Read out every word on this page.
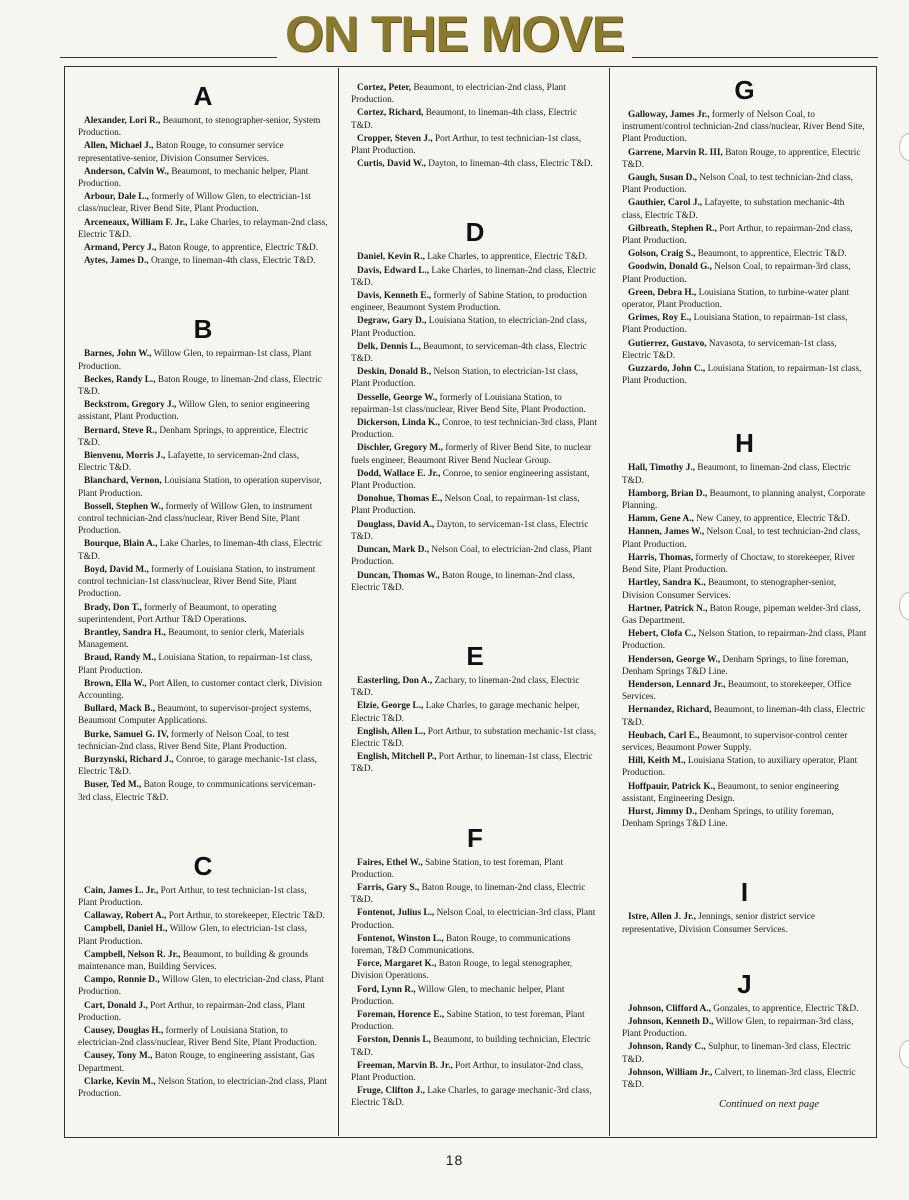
ON THE MOVE
A
Alexander, Lori R., Beaumont, to stenographer-senior, System Production.
Allen, Michael J., Baton Rouge, to consumer service representative-senior, Division Consumer Services.
Anderson, Calvin W., Beaumont, to mechanic helper, Plant Production.
Arbour, Dale L., formerly of Willow Glen, to electrician-1st class/nuclear, River Bend Site, Plant Production.
Arceneaux, William F. Jr., Lake Charles, to relayman-2nd class, Electric T&D.
Armand, Percy J., Baton Rouge, to apprentice, Electric T&D.
Aytes, James D., Orange, to lineman-4th class, Electric T&D.
B
Barnes, John W., Willow Glen, to repairman-1st class, Plant Production.
Beckes, Randy L., Baton Rouge, to lineman-2nd class, Electric T&D.
Beckstrom, Gregory J., Willow Glen, to senior engineering assistant, Plant Production.
Bernard, Steve R., Denham Springs, to apprentice, Electric T&D.
Bienvenu, Morris J., Lafayette, to serviceman-2nd class, Electric T&D.
Blanchard, Vernon, Louisiana Station, to operation supervisor, Plant Production.
Bossell, Stephen W., formerly of Willow Glen, to instrument control technician-2nd class/nuclear, River Bend Site, Plant Production.
Bourque, Blain A., Lake Charles, to lineman-4th class, Electric T&D.
Boyd, David M., formerly of Louisiana Station, to instrument control technician-1st class/nuclear, River Bend Site, Plant Production.
Brady, Don T., formerly of Beaumont, to operating superintendent, Port Arthur T&D Operations.
Brantley, Sandra H., Beaumont, to senior clerk, Materials Management.
Braud, Randy M., Louisiana Station, to repairman-1st class, Plant Production.
Brown, Ella W., Port Allen, to customer contact clerk, Division Accounting.
Bullard, Mack B., Beaumont, to supervisor-project systems, Beaumont Computer Applications.
Burke, Samuel G. IV, formerly of Nelson Coal, to test technician-2nd class, River Bend Site, Plant Production.
Burzynski, Richard J., Conroe, to garage mechanic-1st class, Electric T&D.
Buser, Ted M., Baton Rouge, to communications serviceman-3rd class, Electric T&D.
C
Cain, James L. Jr., Port Arthur, to test technician-1st class, Plant Production.
Callaway, Robert A., Port Arthur, to storekeeper, Electric T&D.
Campbell, Daniel H., Willow Glen, to electrician-1st class, Plant Production.
Campbell, Nelson R. Jr., Beaumont, to building & grounds maintenance man, Building Services.
Campo, Ronnie D., Willow Glen, to electrician-2nd class, Plant Production.
Cart, Donald J., Port Arthur, to repairman-2nd class, Plant Production.
Causey, Douglas H., formerly of Louisiana Station, to electrician-2nd class/nuclear, River Bend Site, Plant Production.
Causey, Tony M., Baton Rouge, to engineering assistant, Gas Department.
Clarke, Kevin M., Nelson Station, to electrician-2nd class, Plant Production.
Cortez, Peter, Beaumont, to electrician-2nd class, Plant Production.
Cortez, Richard, Beaumont, to lineman-4th class, Electric T&D.
Cropper, Steven J., Port Arthur, to test technician-1st class, Plant Production.
Curtis, David W., Dayton, to lineman-4th class, Electric T&D.
D
Daniel, Kevin R., Lake Charles, to apprentice, Electric T&D.
Davis, Edward L., Lake Charles, to lineman-2nd class, Electric T&D.
Davis, Kenneth E., formerly of Sabine Station, to production engineer, Beaumont System Production.
Degraw, Gary D., Louisiana Station, to electrician-2nd class, Plant Production.
Delk, Dennis L., Beaumont, to serviceman-4th class, Electric T&D.
Deskin, Donald B., Nelson Station, to electrician-1st class, Plant Production.
Desselle, George W., formerly of Louisiana Station, to repairman-1st class/nuclear, River Bend Site, Plant Production.
Dickerson, Linda K., Conroe, to test technician-3rd class, Plant Production.
Dischler, Gregory M., formerly of River Bend Site, to nuclear fuels engineer, Beaumont River Bend Nuclear Group.
Dodd, Wallace E. Jr., Conroe, to senior engineering assistant, Plant Production.
Donohue, Thomas E., Nelson Coal, to repairman-1st class, Plant Production.
Douglass, David A., Dayton, to serviceman-1st class, Electric T&D.
Duncan, Mark D., Nelson Coal, to electrician-2nd class, Plant Production.
Duncan, Thomas W., Baton Rouge, to lineman-2nd class, Electric T&D.
E
Easterling, Don A., Zachary, to lineman-2nd class, Electric T&D.
Elzie, George L., Lake Charles, to garage mechanic helper, Electric T&D.
English, Allen L., Port Arthur, to substation mechanic-1st class, Electric T&D.
English, Mitchell P., Port Arthur, to lineman-1st class, Electric T&D.
F
Faires, Ethel W., Sabine Station, to test foreman, Plant Production.
Farris, Gary S., Baton Rouge, to lineman-2nd class, Electric T&D.
Fontenot, Julius L., Nelson Coal, to electrician-3rd class, Plant Production.
Fontenot, Winston L., Baton Rouge, to communications foreman, T&D Communications.
Force, Margaret K., Baton Rouge, to legal stenographer, Division Operations.
Ford, Lynn R., Willow Glen, to mechanic helper, Plant Production.
Foreman, Horence E., Sabine Station, to test foreman, Plant Production.
Forston, Dennis L, Beaumont, to building technician, Electric T&D.
Freeman, Marvin B. Jr., Port Arthur, to insulator-2nd class, Plant Production.
Fruge, Clifton J., Lake Charles, to garage mechanic-3rd class, Electric T&D.
G
Galloway, James Jr., formerly of Nelson Coal, to instrument/control technician-2nd class/nuclear, River Bend Site, Plant Production.
Garrene, Marvin R. III, Baton Rouge, to apprentice, Electric T&D.
Gaugh, Susan D., Nelson Coal, to test technician-2nd class, Plant Production.
Gauthier, Carol J., Lafayette, to substation mechanic-4th class, Electric T&D.
Gilbreath, Stephen R., Port Arthur, to repairman-2nd class, Plant Production.
Golson, Craig S., Beaumont, to apprentice, Electric T&D.
Goodwin, Donald G., Nelson Coal, to repairman-3rd class, Plant Production.
Green, Debra H., Louisiana Station, to turbine-water plant operator, Plant Production.
Grimes, Roy E., Louisiana Station, to repairman-1st class, Plant Production.
Gutierrez, Gustavo, Navasota, to serviceman-1st class, Electric T&D.
Guzzardo, John C., Louisiana Station, to repairman-1st class, Plant Production.
H
Hall, Timothy J., Beaumont, to lineman-2nd class, Electric T&D.
Hamborg, Brian D., Beaumont, to planning analyst, Corporate Planning.
Hamm, Gene A., New Caney, to apprentice, Electric T&D.
Hannen, James W., Nelson Coal, to test technician-2nd class, Plant Production.
Harris, Thomas, formerly of Choctaw, to storekeeper, River Bend Site, Plant Production.
Hartley, Sandra K., Beaumont, to stenographer-senior, Division Consumer Services.
Hartner, Patrick N., Baton Rouge, pipeman welder-3rd class, Gas Department.
Hebert, Clofa C., Nelson Station, to repairman-2nd class, Plant Production.
Henderson, George W., Denham Springs, to line foreman, Denham Springs T&D Line.
Henderson, Lennard Jr., Beaumont, to storekeeper, Office Services.
Hernandez, Richard, Beaumont, to lineman-4th class, Electric T&D.
Heubach, Carl E., Beaumont, to supervisor-control center services, Beaumont Power Supply.
Hill, Keith M., Louisiana Station, to auxiliary operator, Plant Production.
Hoffpauir, Patrick K., Beaumont, to senior engineering assistant, Engineering Design.
Hurst, Jimmy D., Denham Springs, to utility foreman, Denham Springs T&D Line.
I
Istre, Allen J. Jr., Jennings, senior district service representative, Division Consumer Services.
J
Johnson, Clifford A., Gonzales, to apprentice, Electric T&D.
Johnson, Kenneth D., Willow Glen, to repairman-3rd class, Plant Production.
Johnson, Randy C., Sulphur, to lineman-3rd class, Electric T&D.
Johnson, William Jr., Calvert, to lineman-3rd class, Electric T&D.
Continued on next page
18
